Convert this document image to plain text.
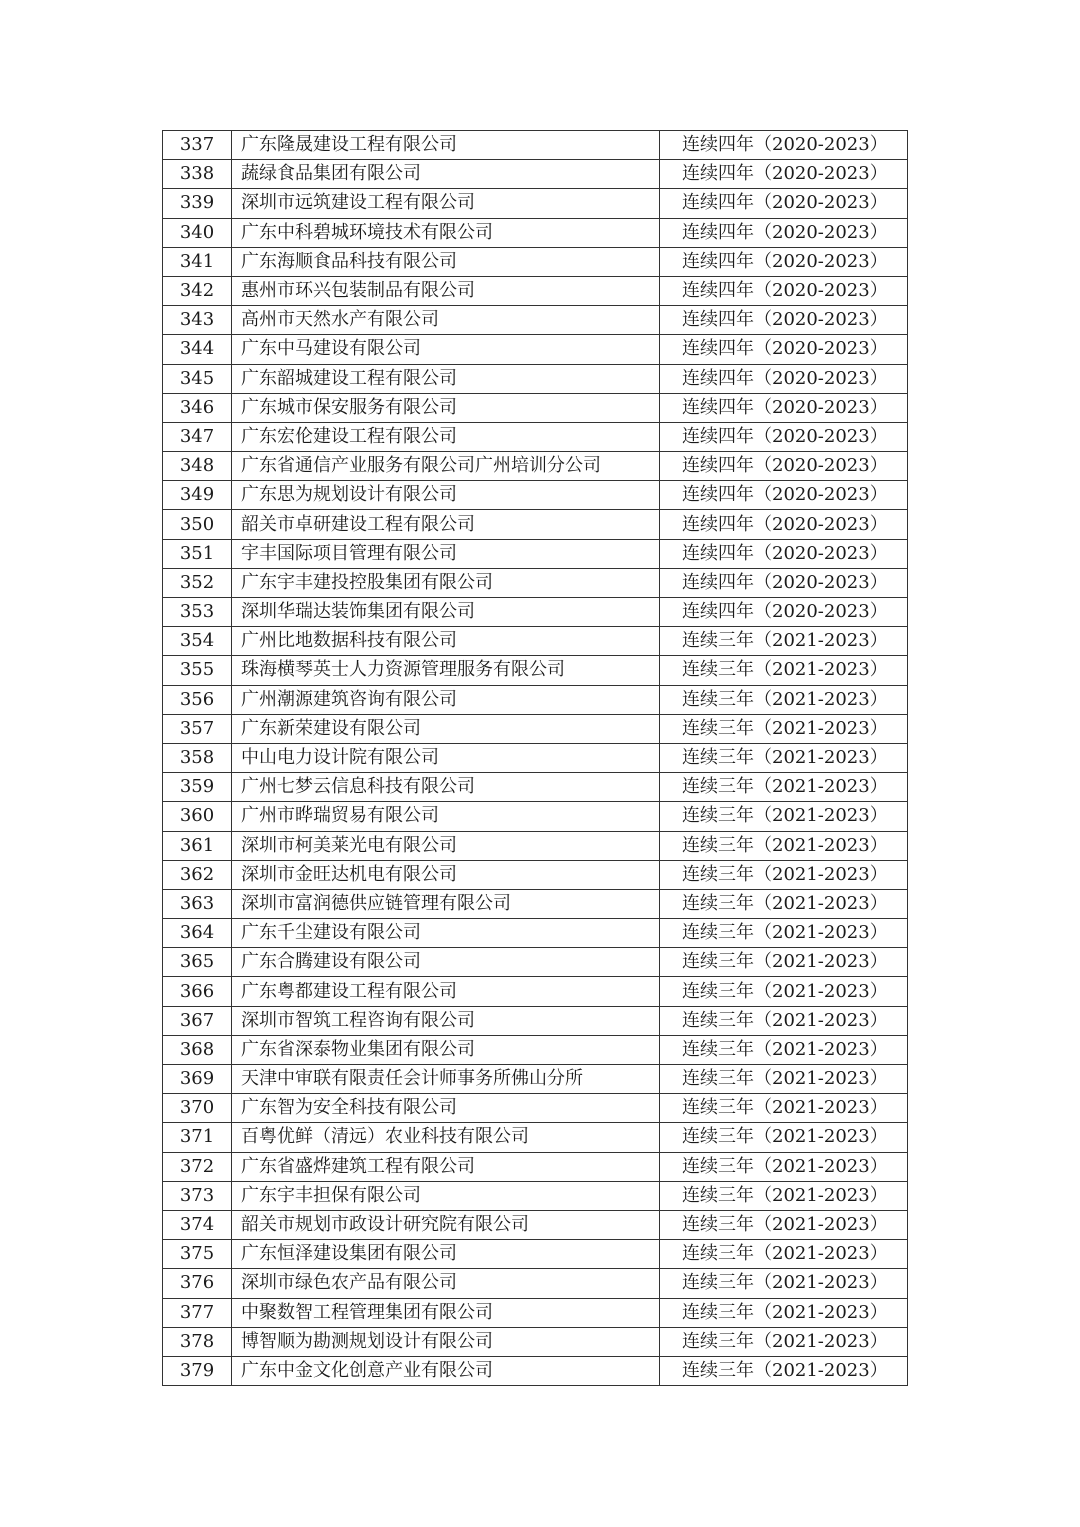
337	广东隆晟建设工程有限公司	连续四年（2020-2023）
338	蔬绿食品集团有限公司	连续四年（2020-2023）
339	深圳市远筑建设工程有限公司	连续四年（2020-2023）
340	广东中科碧城环境技术有限公司	连续四年（2020-2023）
341	广东海顺食品科技有限公司	连续四年（2020-2023）
342	惠州市环兴包装制品有限公司	连续四年（2020-2023）
343	高州市天然水产有限公司	连续四年（2020-2023）
344	广东中马建设有限公司	连续四年（2020-2023）
345	广东韶城建设工程有限公司	连续四年（2020-2023）
346	广东城市保安服务有限公司	连续四年（2020-2023）
347	广东宏伦建设工程有限公司	连续四年（2020-2023）
348	广东省通信产业服务有限公司广州培训分公司	连续四年（2020-2023）
349	广东思为规划设计有限公司	连续四年（2020-2023）
350	韶关市卓研建设工程有限公司	连续四年（2020-2023）
351	宇丰国际项目管理有限公司	连续四年（2020-2023）
352	广东宇丰建投控股集团有限公司	连续四年（2020-2023）
353	深圳华瑞达装饰集团有限公司	连续四年（2020-2023）
354	广州比地数据科技有限公司	连续三年（2021-2023）
355	珠海横琴英士人力资源管理服务有限公司	连续三年（2021-2023）
356	广州潮源建筑咨询有限公司	连续三年（2021-2023）
357	广东新荣建设有限公司	连续三年（2021-2023）
358	中山电力设计院有限公司	连续三年（2021-2023）
359	广州七梦云信息科技有限公司	连续三年（2021-2023）
360	广州市晔瑞贸易有限公司	连续三年（2021-2023）
361	深圳市柯美莱光电有限公司	连续三年（2021-2023）
362	深圳市金旺达机电有限公司	连续三年（2021-2023）
363	深圳市富润德供应链管理有限公司	连续三年（2021-2023）
364	广东千尘建设有限公司	连续三年（2021-2023）
365	广东合腾建设有限公司	连续三年（2021-2023）
366	广东粤都建设工程有限公司	连续三年（2021-2023）
367	深圳市智筑工程咨询有限公司	连续三年（2021-2023）
368	广东省深泰物业集团有限公司	连续三年（2021-2023）
369	天津中审联有限责任会计师事务所佛山分所	连续三年（2021-2023）
370	广东智为安全科技有限公司	连续三年（2021-2023）
371	百粤优鲜（清远）农业科技有限公司	连续三年（2021-2023）
372	广东省盛烨建筑工程有限公司	连续三年（2021-2023）
373	广东宇丰担保有限公司	连续三年（2021-2023）
374	韶关市规划市政设计研究院有限公司	连续三年（2021-2023）
375	广东恒泽建设集团有限公司	连续三年（2021-2023）
376	深圳市绿色农产品有限公司	连续三年（2021-2023）
377	中聚数智工程管理集团有限公司	连续三年（2021-2023）
378	博智顺为勘测规划设计有限公司	连续三年（2021-2023）
379	广东中金文化创意产业有限公司	连续三年（2021-2023）
